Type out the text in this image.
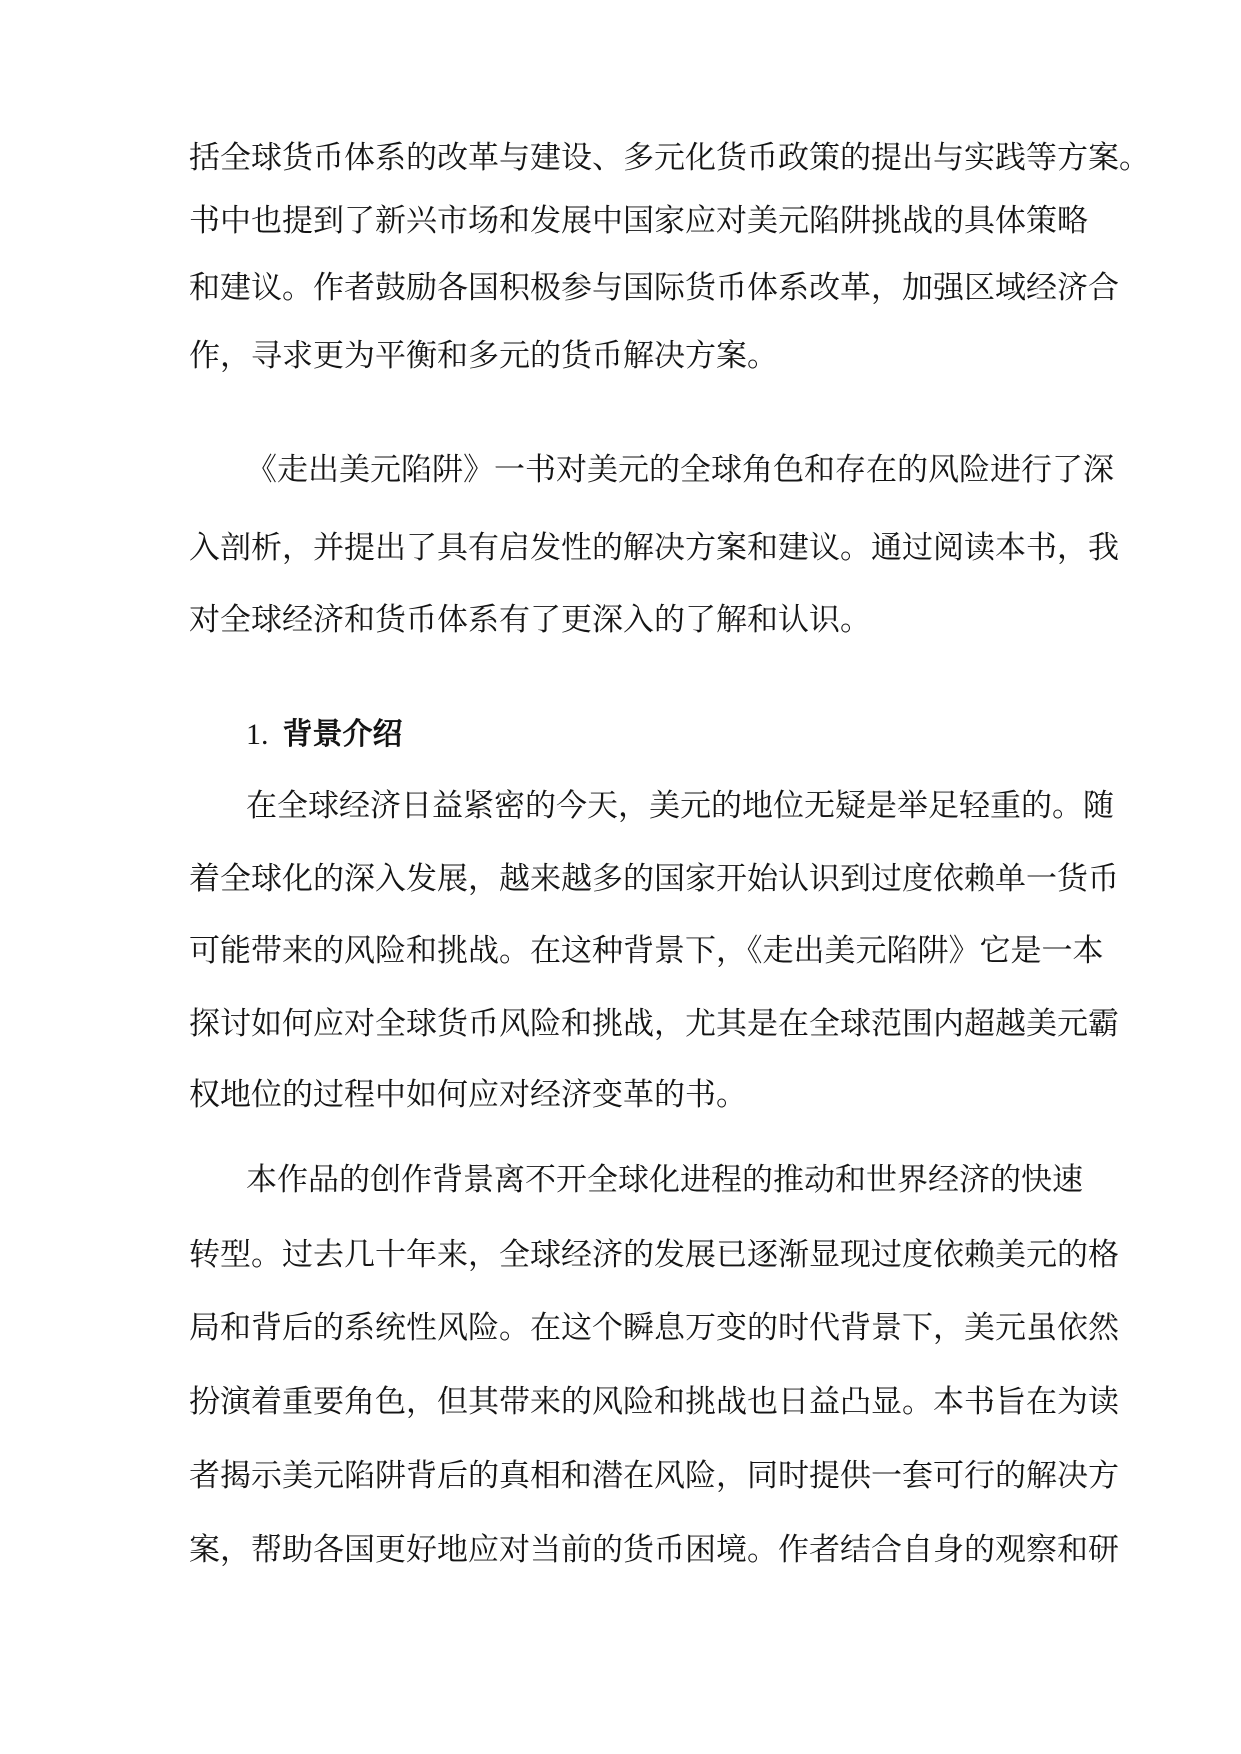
括全球货币体系的改革与建设、多元化货币政策的提出与实践等方案。
书中也提到了新兴市场和发展中国家应对美元陷阱挑战的具体策略
和建议。作者鼓励各国积极参与国际货币体系改革，加强区域经济合
作，寻求更为平衡和多元的货币解决方案。
《走出美元陷阱》一书对美元的全球角色和存在的风险进行了深
入剖析，并提出了具有启发性的解决方案和建议。通过阅读本书，我
对全球经济和货币体系有了更深入的了解和认识。
1. 背景介绍
在全球经济日益紧密的今天，美元的地位无疑是举足轻重的。随
着全球化的深入发展，越来越多的国家开始认识到过度依赖单一货币
可能带来的风险和挑战。在这种背景下，《走出美元陷阱》它是一本
探讨如何应对全球货币风险和挑战，尤其是在全球范围内超越美元霸
权地位的过程中如何应对经济变革的书。
本作品的创作背景离不开全球化进程的推动和世界经济的快速
转型。过去几十年来，全球经济的发展已逐渐显现过度依赖美元的格
局和背后的系统性风险。在这个瞬息万变的时代背景下，美元虽依然
扮演着重要角色，但其带来的风险和挑战也日益凸显。本书旨在为读
者揭示美元陷阱背后的真相和潜在风险，同时提供一套可行的解决方
案，帮助各国更好地应对当前的货币困境。作者结合自身的观察和研
